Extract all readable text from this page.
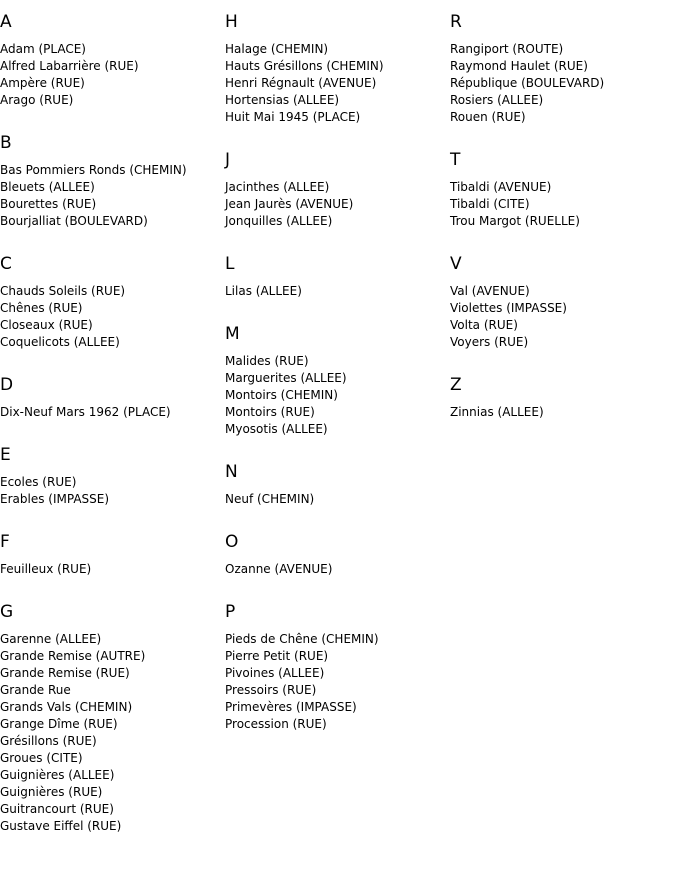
A
Adam (PLACE)
Alfred Labarrière (RUE)
Ampère (RUE)
Arago (RUE)
B
Bas Pommiers Ronds (CHEMIN)
Bleuets (ALLEE)
Bourettes (RUE)
Bourjalliat (BOULEVARD)
C
Chauds Soleils (RUE)
Chênes (RUE)
Closeaux (RUE)
Coquelicots (ALLEE)
D
Dix-Neuf Mars 1962 (PLACE)
E
Ecoles (RUE)
Erables (IMPASSE)
F
Feuilleux (RUE)
G
Garenne (ALLEE)
Grande Remise (AUTRE)
Grande Remise (RUE)
Grande Rue
Grands Vals (CHEMIN)
Grange Dîme (RUE)
Grésillons (RUE)
Groues (CITE)
Guignières (ALLEE)
Guignières (RUE)
Guitrancourt (RUE)
Gustave Eiffel (RUE)
H
Halage (CHEMIN)
Hauts Grésillons (CHEMIN)
Henri Régnault (AVENUE)
Hortensias (ALLEE)
Huit Mai 1945 (PLACE)
J
Jacinthes (ALLEE)
Jean Jaurès (AVENUE)
Jonquilles (ALLEE)
L
Lilas (ALLEE)
M
Malides (RUE)
Marguerites (ALLEE)
Montoirs (CHEMIN)
Montoirs (RUE)
Myosotis (ALLEE)
N
Neuf (CHEMIN)
O
Ozanne (AVENUE)
P
Pieds de Chêne (CHEMIN)
Pierre Petit (RUE)
Pivoines (ALLEE)
Pressoirs (RUE)
Primevères (IMPASSE)
Procession (RUE)
R
Rangiport (ROUTE)
Raymond Haulet (RUE)
République (BOULEVARD)
Rosiers (ALLEE)
Rouen (RUE)
T
Tibaldi (AVENUE)
Tibaldi (CITE)
Trou Margot (RUELLE)
V
Val (AVENUE)
Violettes (IMPASSE)
Volta (RUE)
Voyers (RUE)
Z
Zinnias (ALLEE)
